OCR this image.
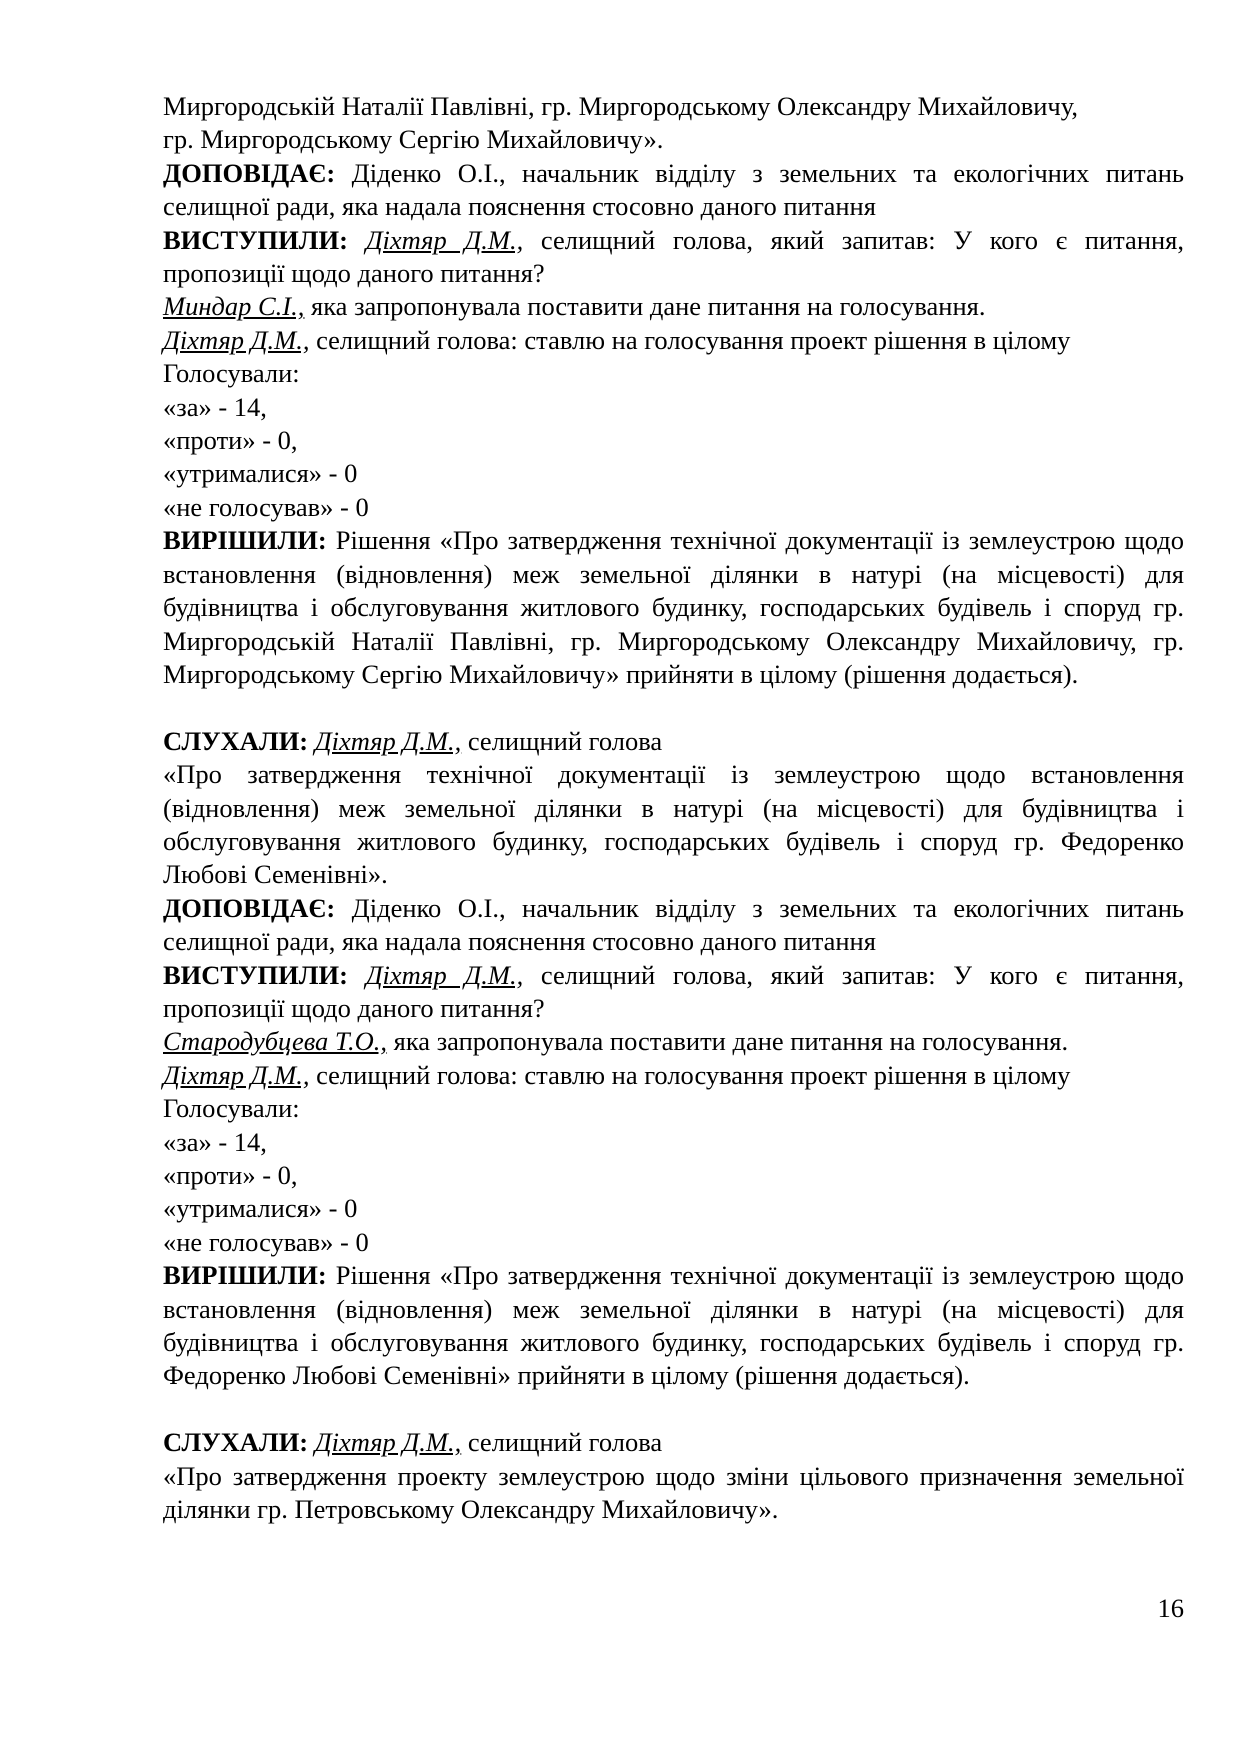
Миргородській Наталії Павлівні, гр. Миргородському Олександру Михайловичу,

гр. Миргородському Сергію Михайловичу».

ДОПОВІДАЄ: Діденко О.І., начальник відділу з земельних та екологічних питань селищної ради, яка надала пояснення стосовно даного питання

ВИСТУПИЛИ: Діхтяр Д.М., селищний голова, який запитав: У кого є питання, пропозиції щодо даного питання?

Миндар С.І., яка запропонувала поставити дане питання на голосування.

Діхтяр Д.М., селищний голова: ставлю на голосування проект рішення в цілому

Голосували:

«за» - 14,

«проти» - 0,

«утрималися» - 0

«не голосував» - 0

ВИРІШИЛИ: Рішення «Про затвердження технічної документації із землеустрою щодо встановлення (відновлення) меж земельної ділянки в натурі (на місцевості) для будівництва і обслуговування житлового будинку, господарських будівель і споруд гр. Миргородській Наталії Павлівні, гр. Миргородському Олександру Михайловичу, гр. Миргородському Сергію Михайловичу» прийняти в цілому (рішення додається).

СЛУХАЛИ: Діхтяр Д.М., селищний голова

«Про затвердження технічної документації із землеустрою щодо встановлення (відновлення) меж земельної ділянки в натурі (на місцевості) для будівництва і обслуговування житлового будинку, господарських будівель і споруд гр. Федоренко Любові Семенівні».

ДОПОВІДАЄ: Діденко О.І., начальник відділу з земельних та екологічних питань селищної ради, яка надала пояснення стосовно даного питання

ВИСТУПИЛИ: Діхтяр Д.М., селищний голова, який запитав: У кого є питання, пропозиції щодо даного питання?

Стародубцева Т.О., яка запропонувала поставити дане питання на голосування.

Діхтяр Д.М., селищний голова: ставлю на голосування проект рішення в цілому

Голосували:

«за» - 14,

«проти» - 0,

«утрималися» - 0

«не голосував» - 0

ВИРІШИЛИ: Рішення «Про затвердження технічної документації із землеустрою щодо встановлення (відновлення) меж земельної ділянки в натурі (на місцевості) для будівництва і обслуговування житлового будинку, господарських будівель і споруд гр. Федоренко Любові Семенівні» прийняти в цілому (рішення додається).

СЛУХАЛИ: Діхтяр Д.М., селищний голова

«Про затвердження проекту землеустрою щодо зміни цільового призначення земельної ділянки гр. Петровському Олександру Михайловичу».

16
